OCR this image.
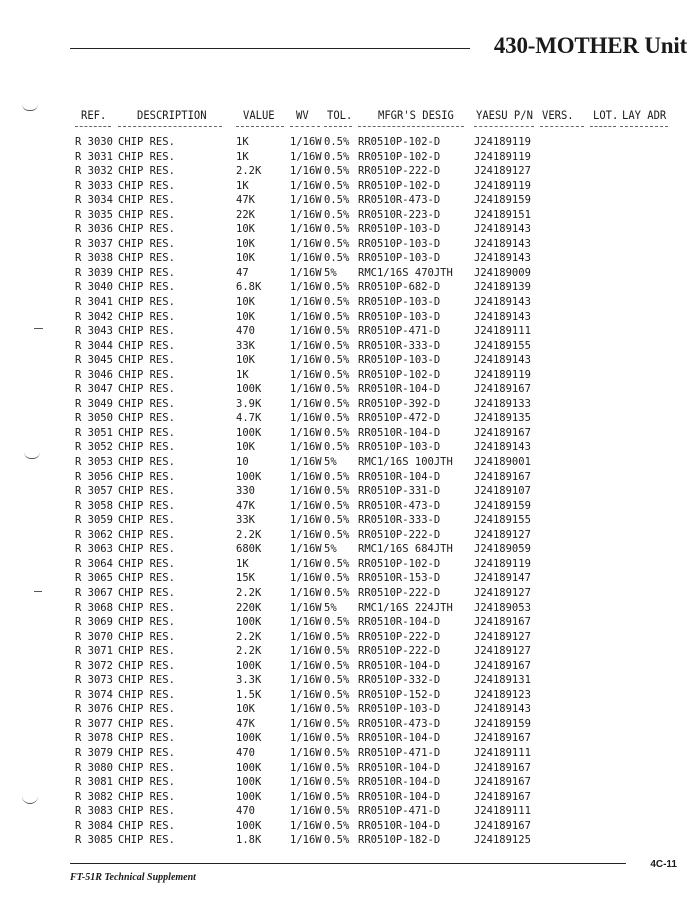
430-MOTHER Unit
REF.	DESCRIPTION	VALUE WV TOL. MFGR'S DESIG YAESU P/N VERS. LOT. LAY ADR
R 3030 CHIP RES.	1K	1/16W 0.5% RR0510P-102-D	J24189119
R 3031 CHIP RES.	1K	1/16W 0.5% RR0510P-102-D	J24189119
R 3032 CHIP RES.	2.2K	1/16W 0.5% RR0510P-222-D	J24189127
R 3033 CHIP RES.	1K	1/16W 0.5% RR0510P-102-D	J24189119
R 3034 CHIP RES.	47K	1/16W 0.5% RR0510R-473-D	J24189159
R 3035 CHIP RES.	22K	1/16W 0.5% RR0510R-223-D	J24189151
R 3036 CHIP RES.	10K	1/16W 0.5% RR0510P-103-D	J24189143
R 3037 CHIP RES.	10K	1/16W 0.5% RR0510P-103-D	J24189143
R 3038 CHIP RES.	10K	1/16W 0.5% RR0510P-103-D	J24189143
R 3039 CHIP RES.	47	1/16W 5% RMC1/16S 470JTH J24189009
R 3040 CHIP RES.	6.8K	1/16W 0.5% RR0510P-682-D	J24189139
R 3041 CHIP RES.	10K	1/16W 0.5% RR0510P-103-D	J24189143
R 3042 CHIP RES.	10K	1/16W 0.5% RR0510P-103-D	J24189143
R 3043 CHIP RES.	470	1/16W 0.5% RR0510P-471-D	J24189111
R 3044 CHIP RES.	33K	1/16W 0.5% RR0510R-333-D	J24189155
R 3045 CHIP RES.	10K	1/16W 0.5% RR0510P-103-D	J24189143
R 3046 CHIP RES.	1K	1/16W 0.5% RR0510P-102-D	J24189119
R 3047 CHIP RES.	100K	1/16W 0.5% RR0510R-104-D	J24189167
R 3049 CHIP RES.	3.9K	1/16W 0.5% RR0510P-392-D	J24189133
R 3050 CHIP RES.	4.7K	1/16W 0.5% RR0510P-472-D	J24189135
R 3051 CHIP RES.	100K	1/16W 0.5% RR0510R-104-D	J24189167
R 3052 CHIP RES.	10K	1/16W 0.5% RR0510P-103-D	J24189143
R 3053 CHIP RES.	10	1/16W 5% RMC1/16S 100JTH J24189001
R 3056 CHIP RES.	100K	1/16W 0.5% RR0510R-104-D	J24189167
R 3057 CHIP RES.	330	1/16W 0.5% RR0510P-331-D	J24189107
R 3058 CHIP RES.	47K	1/16W 0.5% RR0510R-473-D	J24189159
R 3059 CHIP RES.	33K	1/16W 0.5% RR0510R-333-D	J24189155
R 3062 CHIP RES.	2.2K	1/16W 0.5% RR0510P-222-D	J24189127
R 3063 CHIP RES.	680K	1/16W 5% RMC1/16S 684JTH J24189059
R 3064 CHIP RES.	1K	1/16W 0.5% RR0510P-102-D	J24189119
R 3065 CHIP RES.	15K	1/16W 0.5% RR0510R-153-D	J24189147
R 3067 CHIP RES.	2.2K	1/16W 0.5% RR0510P-222-D	J24189127
R 3068 CHIP RES.	220K	1/16W 5% RMC1/16S 224JTH J24189053
R 3069 CHIP RES.	100K	1/16W 0.5% RR0510R-104-D	J24189167
R 3070 CHIP RES.	2.2K	1/16W 0.5% RR0510P-222-D	J24189127
R 3071 CHIP RES.	2.2K	1/16W 0.5% RR0510P-222-D	J24189127
R 3072 CHIP RES.	100K	1/16W 0.5% RR0510R-104-D	J24189167
R 3073 CHIP RES.	3.3K	1/16W 0.5% RR0510P-332-D	J24189131
R 3074 CHIP RES.	1.5K	1/16W 0.5% RR0510P-152-D	J24189123
R 3076 CHIP RES.	10K	1/16W 0.5% RR0510P-103-D	J24189143
R 3077 CHIP RES.	47K	1/16W 0.5% RR0510R-473-D	J24189159
R 3078 CHIP RES.	100K	1/16W 0.5% RR0510R-104-D	J24189167
R 3079 CHIP RES.	470	1/16W 0.5% RR0510P-471-D	J24189111
R 3080 CHIP RES.	100K	1/16W 0.5% RR0510R-104-D	J24189167
R 3081 CHIP RES.	100K	1/16W 0.5% RR0510R-104-D	J24189167
R 3082 CHIP RES.	100K	1/16W 0.5% RR0510R-104-D	J24189167
R 3083 CHIP RES.	470	1/16W 0.5% RR0510P-471-D	J24189111
R 3084 CHIP RES.	100K	1/16W 0.5% RR0510R-104-D	J24189167
R 3085 CHIP RES.	1.8K	1/16W 0.5% RR0510P-182-D	J24189125
FT-51R Technical Supplement
4C-11
